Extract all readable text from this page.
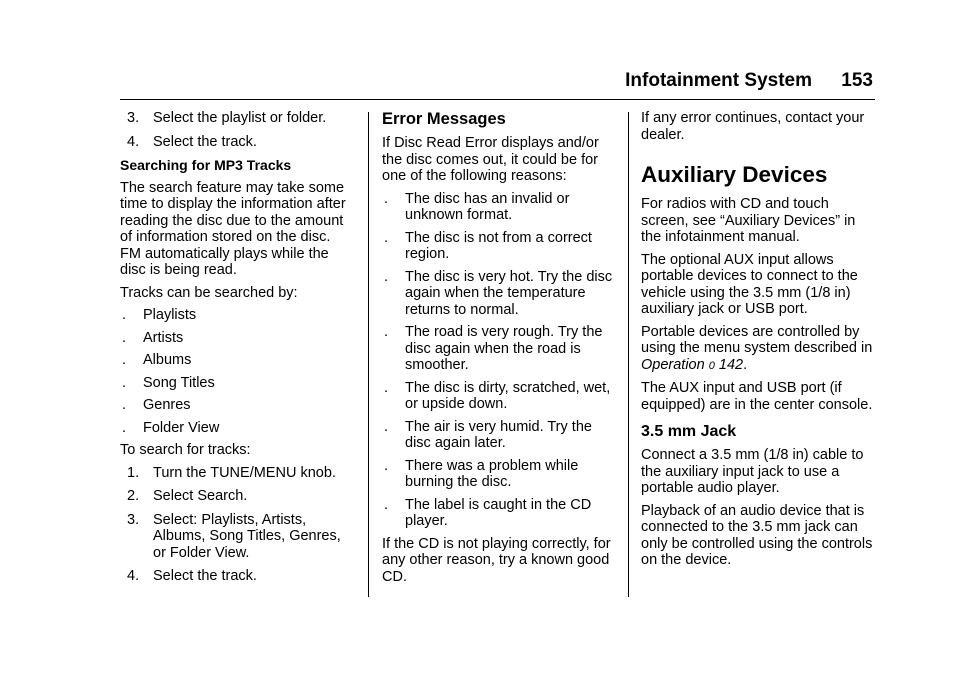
Infotainment System 153
3. Select the playlist or folder.
4. Select the track.
Searching for MP3 Tracks

The search feature may take some time to display the information after reading the disc due to the amount of information stored on the disc. FM automatically plays while the disc is being read.

Tracks can be searched by:

. Playlists
. Artists
. Albums
. Song Titles
. Genres
. Folder View

To search for tracks:

1. Turn the TUNE/MENU knob.
2. Select Search.
3. Select: Playlists, Artists, Albums, Song Titles, Genres, or Folder View.
4. Select the track.
Error Messages

If Disc Read Error displays and/or the disc comes out, it could be for one of the following reasons:

. The disc has an invalid or unknown format.
. The disc is not from a correct region.
. The disc is very hot. Try the disc again when the temperature returns to normal.
. The road is very rough. Try the disc again when the road is smoother.
. The disc is dirty, scratched, wet, or upside down.
. The air is very humid. Try the disc again later.
. There was a problem while burning the disc.
. The label is caught in the CD player.

If the CD is not playing correctly, for any other reason, try a known good CD.

If any error continues, contact your dealer.

Auxiliary Devices

For radios with CD and touch screen, see “Auxiliary Devices” in the infotainment manual.

The optional AUX input allows portable devices to connect to the vehicle using the 3.5 mm (1/8 in) auxiliary jack or USB port.

Portable devices are controlled by using the menu system described in Operation 0 142.

The AUX input and USB port (if equipped) are in the center console.

3.5 mm Jack

Connect a 3.5 mm (1/8 in) cable to the auxiliary input jack to use a portable audio player.

Playback of an audio device that is connected to the 3.5 mm jack can only be controlled using the controls on the device.
